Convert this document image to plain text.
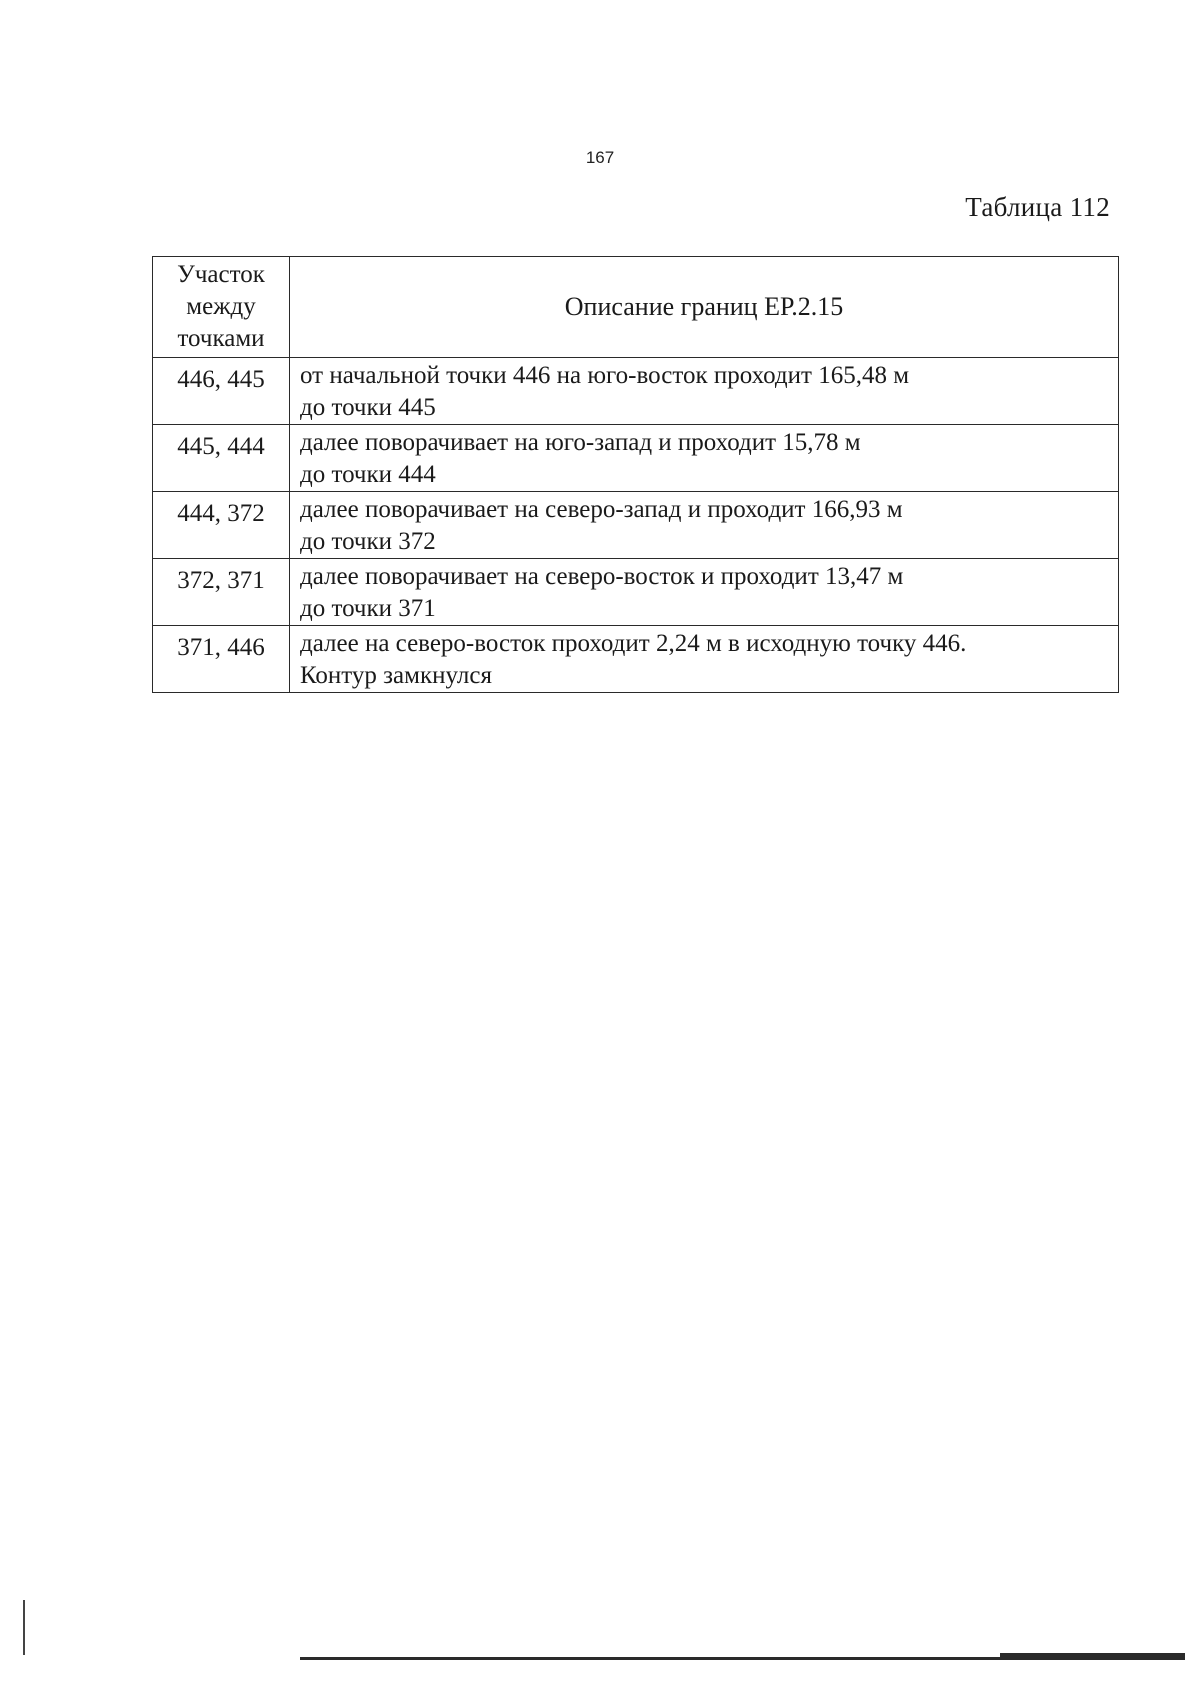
167
Таблица 112
Участок
между
точками	Описание границ ЕР.2.15
446, 445	от начальной точки 446 на юго-восток проходит 165,48 м
до точки 445

445, 444	далее поворачивает на юго-запад и проходит 15,78 м
до точки 444

444, 372	далее поворачивает на северо-запад и проходит 166,93 м
до точки 372

372, 371	далее поворачивает на северо-восток и проходит 13,47 м
до точки 371

371, 446	далее на северо-восток проходит 2,24 м в исходную точку 446.
Контур замкнулся
